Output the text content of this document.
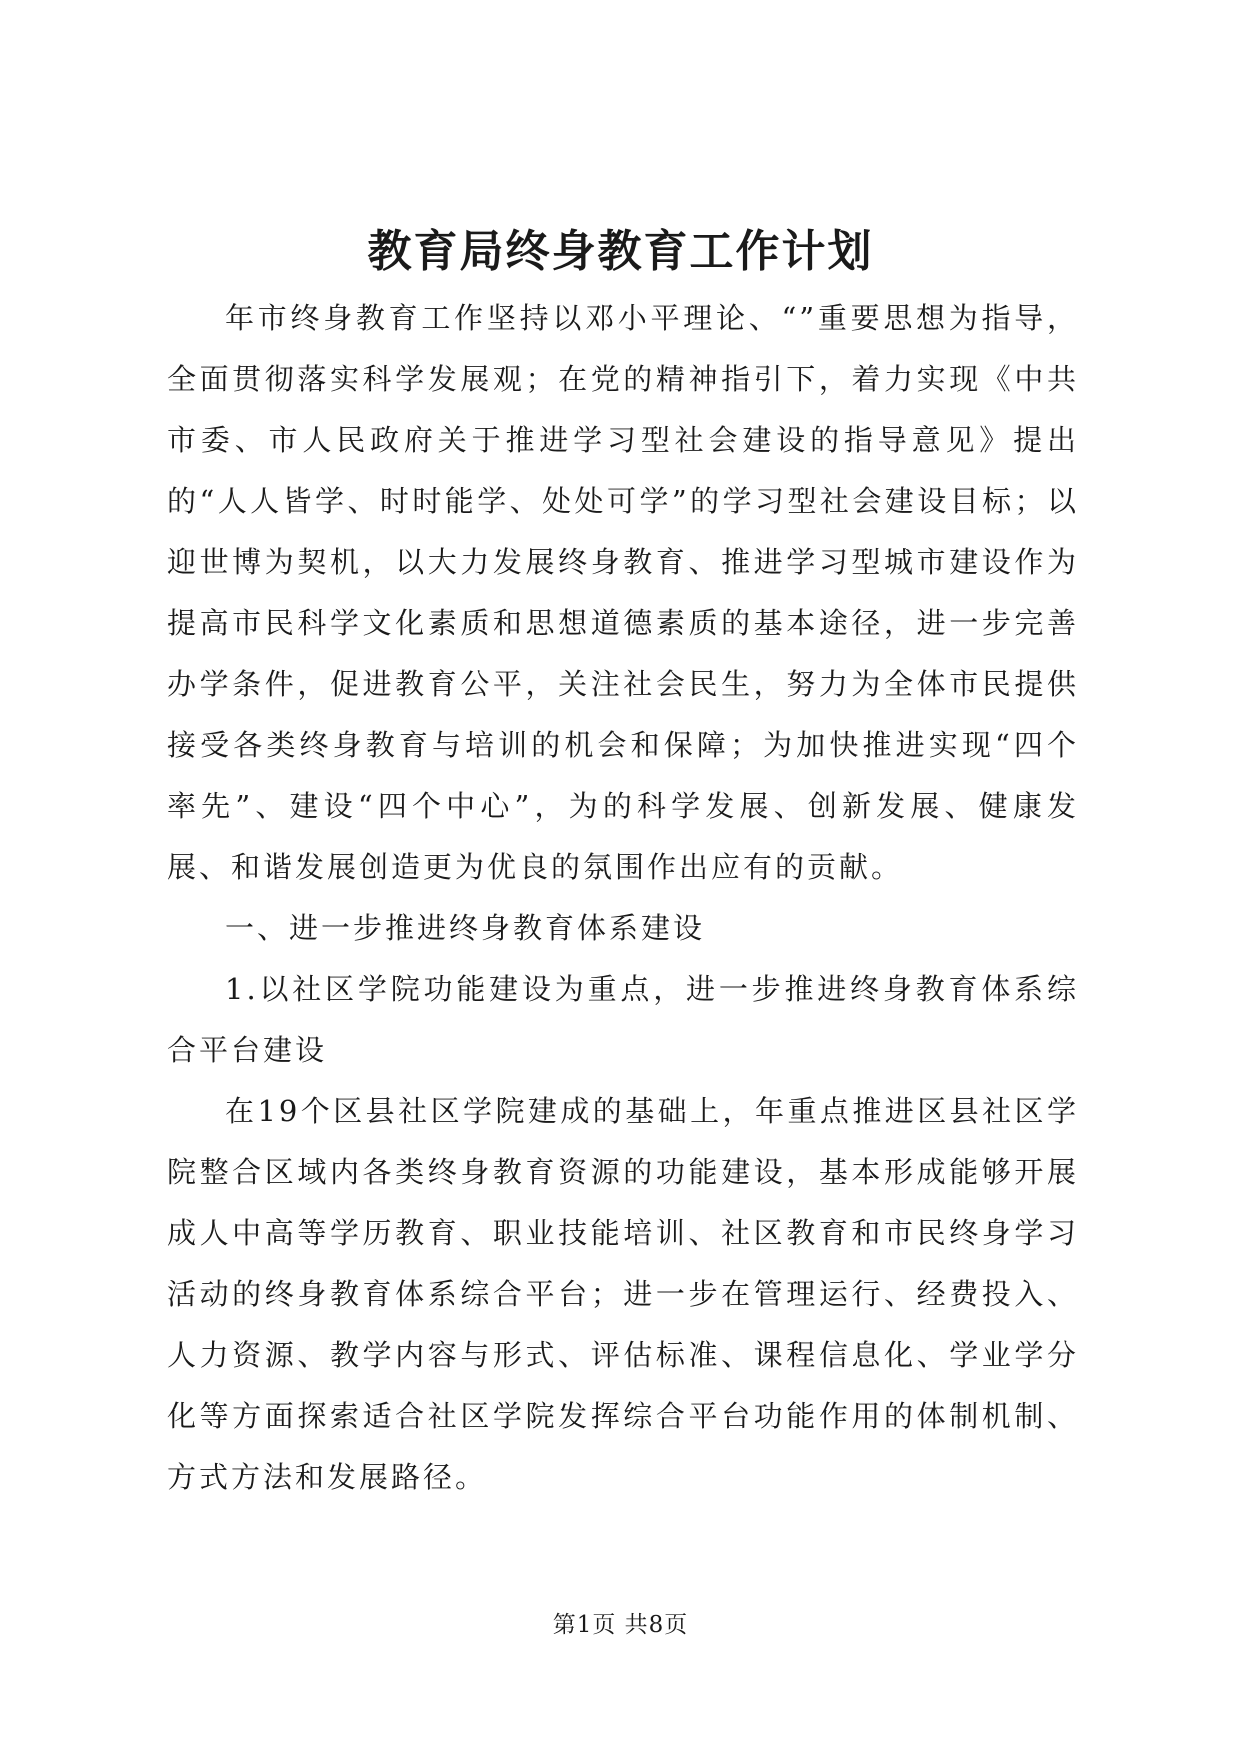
教育局终身教育工作计划

年市终身教育工作坚持以邓小平理论、“”重要思想为指导，全面贯彻落实科学发展观；在党的精神指引下，着力实现《中共市委、市人民政府关于推进学习型社会建设的指导意见》提出的“人人皆学、时时能学、处处可学”的学习型社会建设目标；以迎世博为契机，以大力发展终身教育、推进学习型城市建设作为提高市民科学文化素质和思想道德素质的基本途径，进一步完善办学条件，促进教育公平，关注社会民生，努力为全体市民提供接受各类终身教育与培训的机会和保障；为加快推进实现“四个率先”、建设“四个中心”，为的科学发展、创新发展、健康发展、和谐发展创造更为优良的氛围作出应有的贡献。

一、进一步推进终身教育体系建设

1.以社区学院功能建设为重点，进一步推进终身教育体系综合平台建设

在19个区县社区学院建成的基础上，年重点推进区县社区学院整合区域内各类终身教育资源的功能建设，基本形成能够开展成人中高等学历教育、职业技能培训、社区教育和市民终身学习活动的终身教育体系综合平台；进一步在管理运行、经费投入、人力资源、教学内容与形式、评估标准、课程信息化、学业学分化等方面探索适合社区学院发挥综合平台功能作用的体制机制、方式方法和发展路径。

第1页 共8页
